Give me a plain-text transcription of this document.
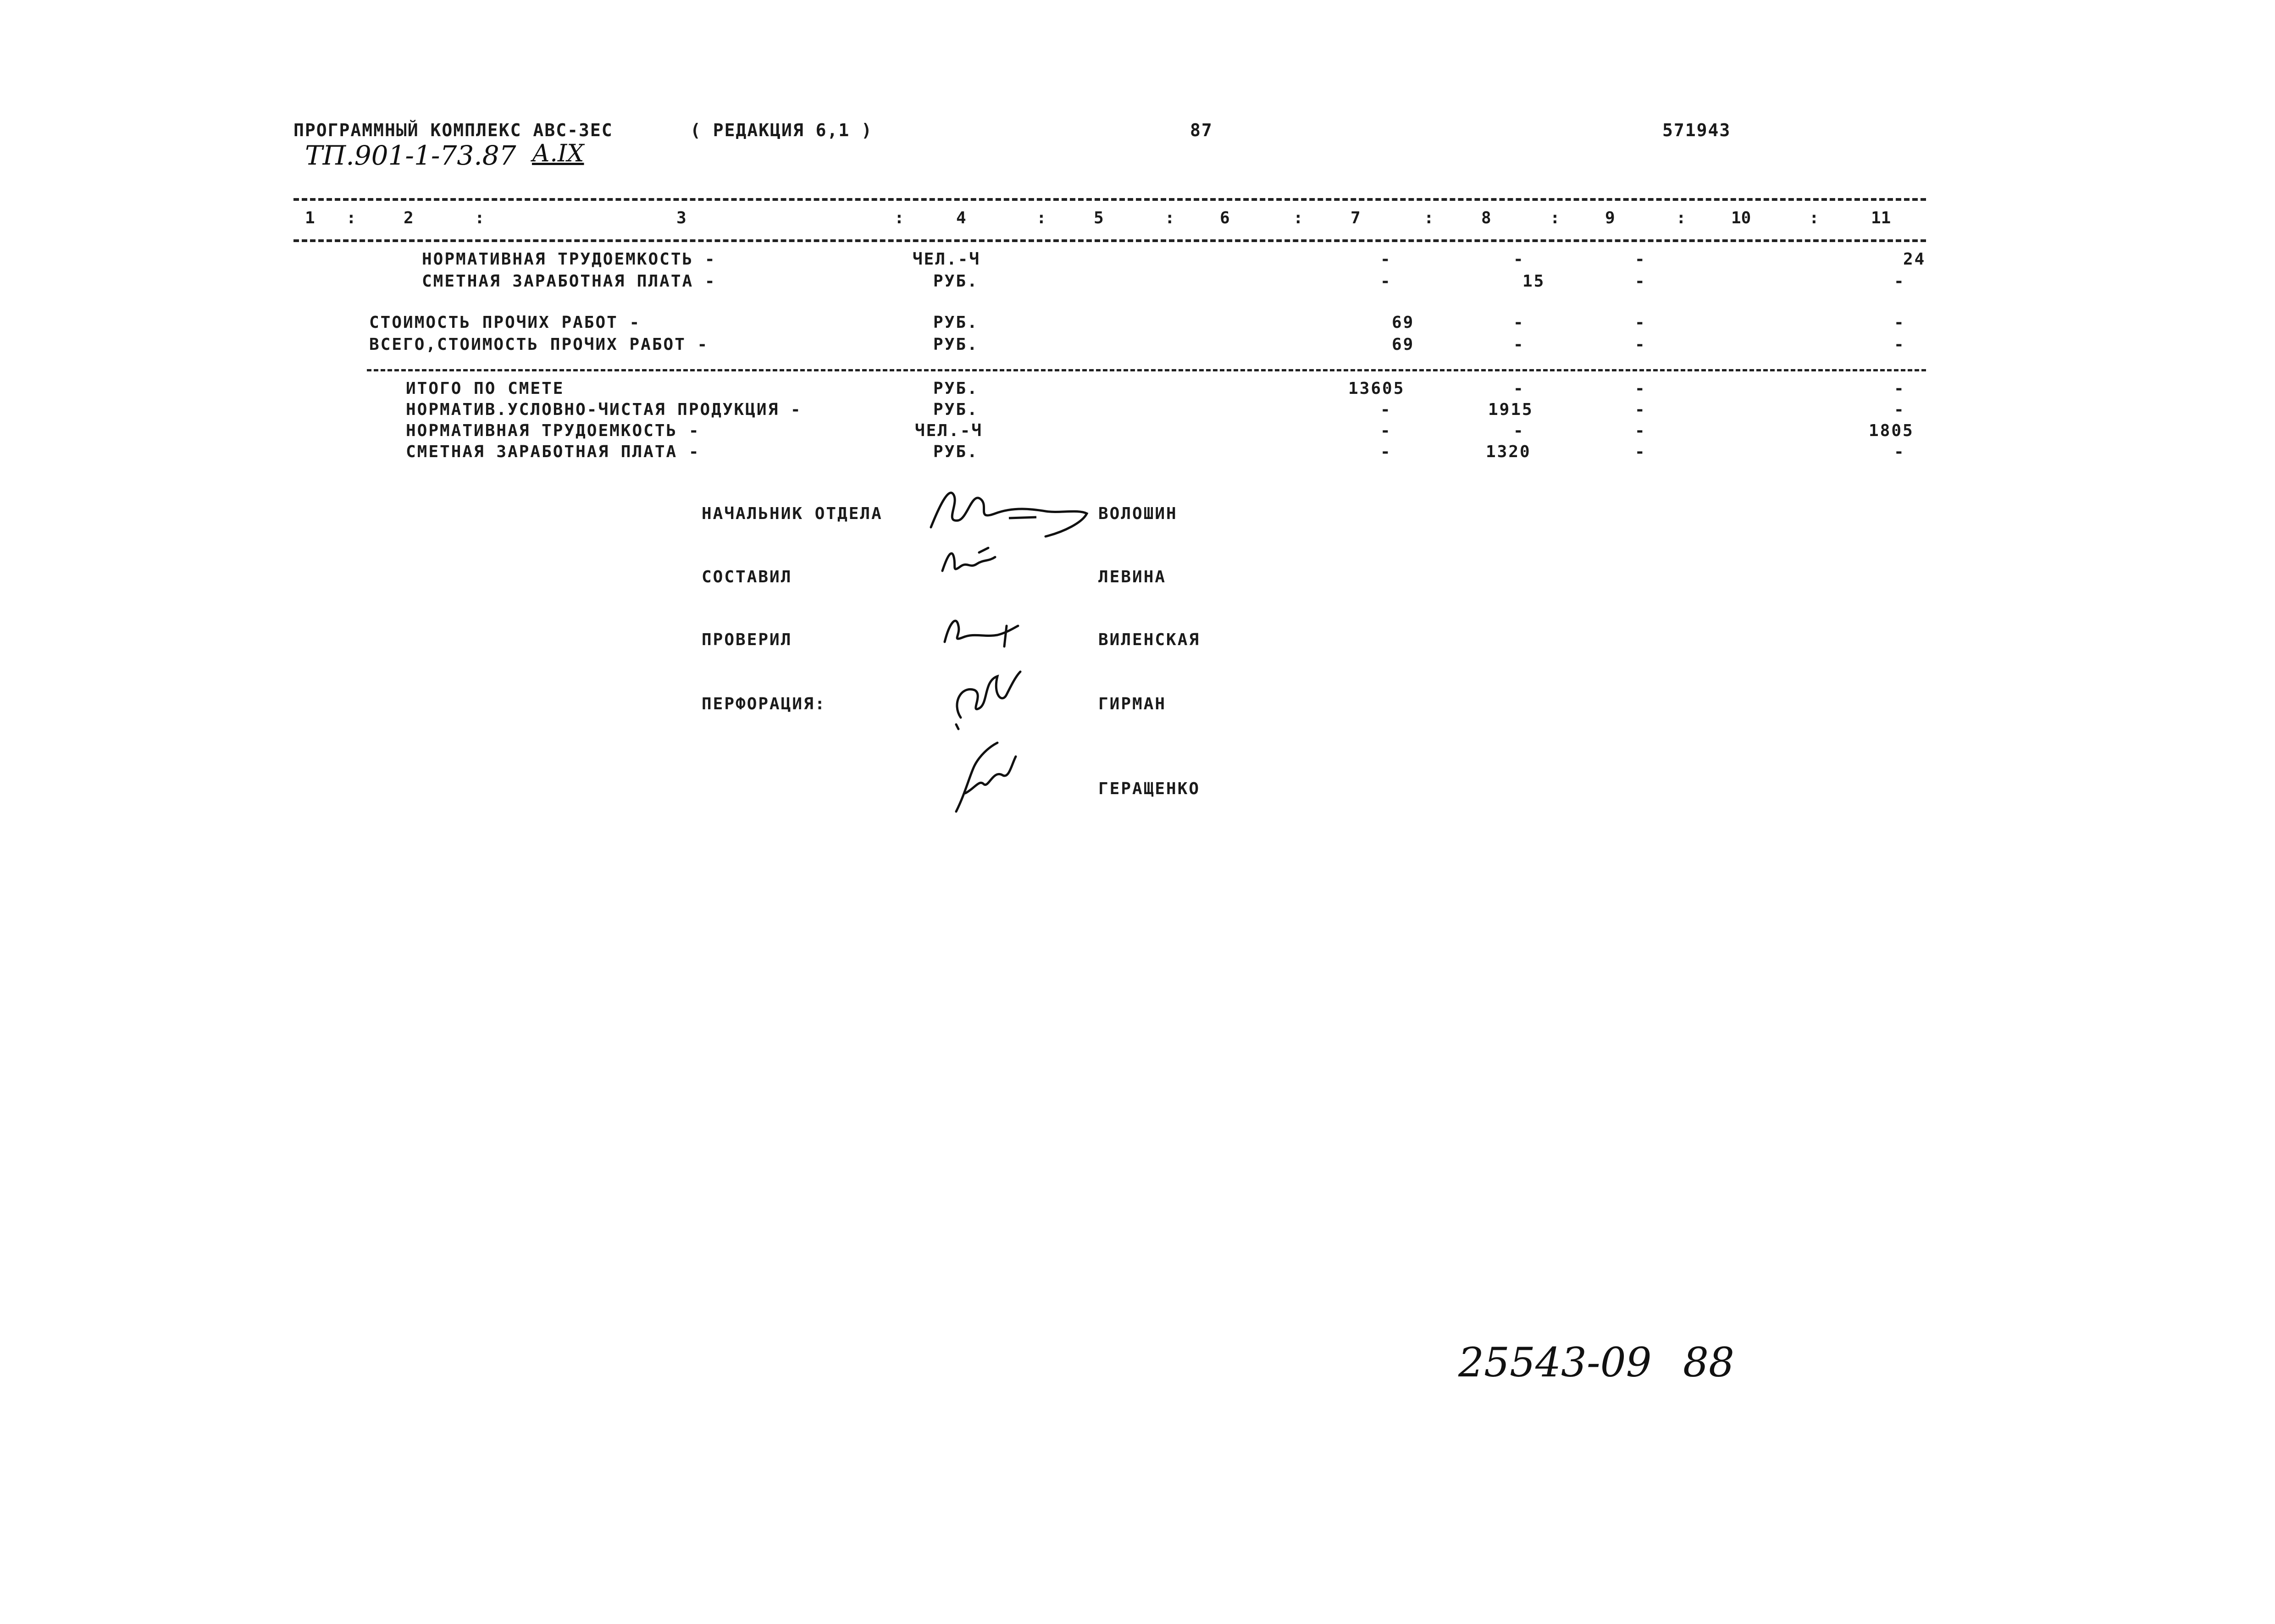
ПРОГРАММНЫЙ КОМПЛЕКС АВС-3ЕС	( РЕДАКЦИЯ 6,1 )	87	571943
ТП.901-1-73.87 А.IX
1 :	2	:	3	:	4	:	5	:	6	:	7	:	8	:	9	:	10	:	11
НОРМАТИВНАЯ ТРУДОЕМКОСТЬ -	ЧЕЛ.-Ч	-	-	-	24
СМЕТНАЯ ЗАРАБОТНАЯ ПЛАТА -	РУБ.	-	15	-	-
СТОИМОСТЬ ПРОЧИХ РАБОТ -	РУБ.	69	-	-	-
ВСЕГО,СТОИМОСТЬ ПРОЧИХ РАБОТ -	РУБ.	69	-	-	-
ИТОГО ПО СМЕТЕ	РУБ.	13605	-	-	-
НОРМАТИВ.УСЛОВНО-ЧИСТАЯ ПРОДУКЦИЯ -	РУБ.	-	1915	-	-
НОРМАТИВНАЯ ТРУДОЕМКОСТЬ -	ЧЕЛ.-Ч	-	-	-	1805
СМЕТНАЯ ЗАРАБОТНАЯ ПЛАТА -	РУБ.	-	1320	-	-
НАЧАЛЬНИК ОТДЕЛА	ВОЛОШИН
СОСТАВИЛ	ЛЕВИНА
ПРОВЕРИЛ	ВИЛЕНСКАЯ
ПЕРФОРАЦИЯ:	ГИРМАН
ГЕРАЩЕНКО
25543-09 88
